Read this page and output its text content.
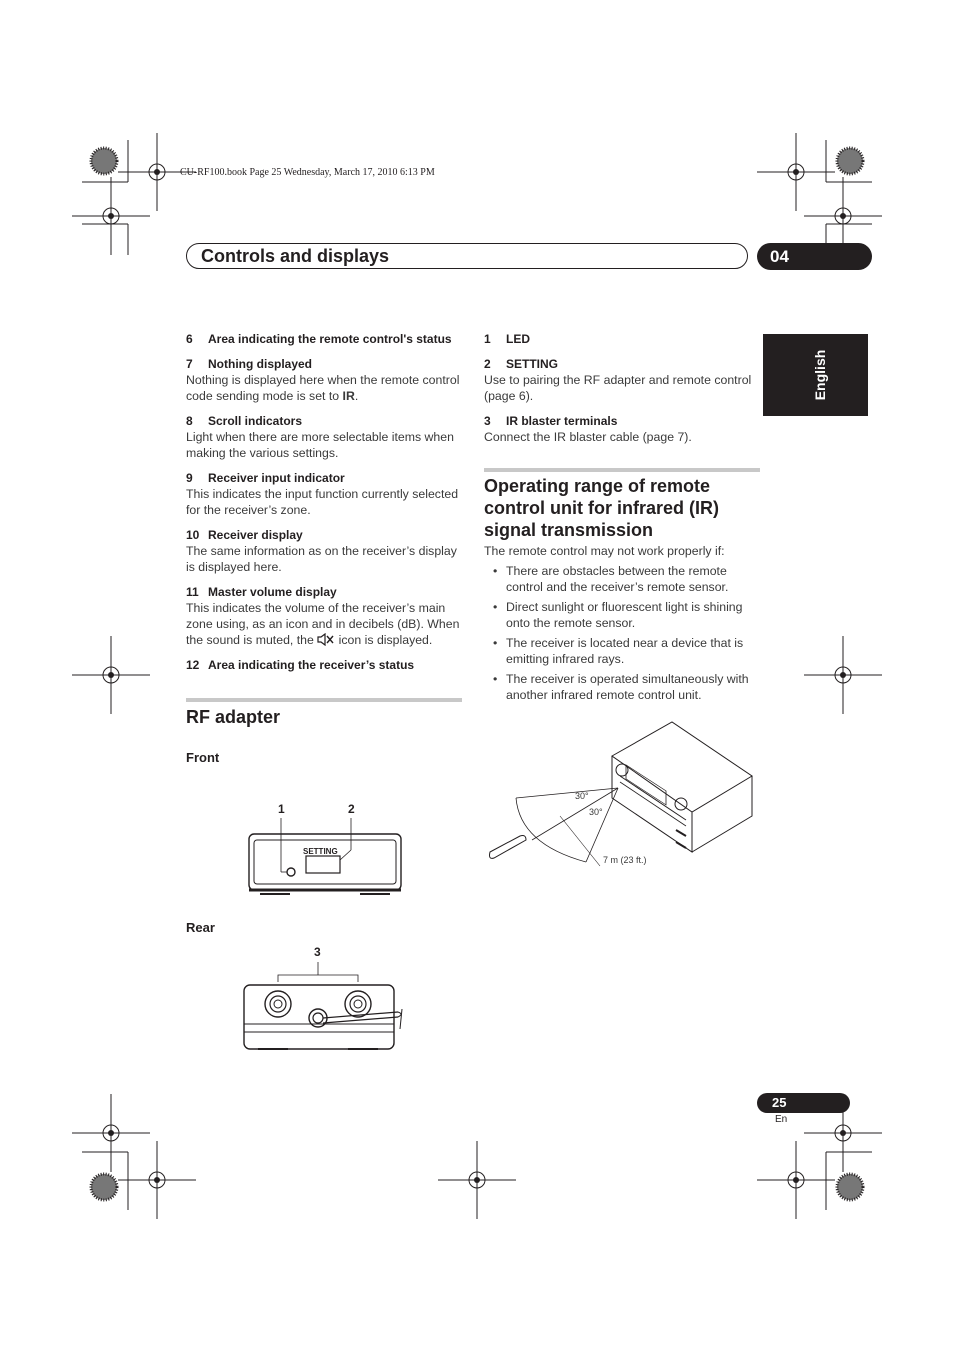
CU-RF100.book Page 25 Wednesday, March 17, 2010 6:13 PM
Controls and displays	04
English
6 Area indicating the remote control's status
7 Nothing displayed
Nothing is displayed here when the remote control code sending mode is set to IR.
8 Scroll indicators
Light when there are more selectable items when making the various settings.
9 Receiver input indicator
This indicates the input function currently selected for the receiver’s zone.
10 Receiver display
The same information as on the receiver’s display is displayed here.
11 Master volume display
This indicates the volume of the receiver’s main zone using, as an icon and in decibels (dB). When the sound is muted, the  icon is displayed.
12 Area indicating the receiver’s status
RF adapter
Front
1	2
SETTING
Rear
3
1 LED
2 SETTING
Use to pairing the RF adapter and remote control (page 6).
3 IR blaster terminals
Connect the IR blaster cable (page 7).
Operating range of remote control unit for infrared (IR) signal transmission
The remote control may not work properly if:
• There are obstacles between the remote control and the receiver’s remote sensor.
• Direct sunlight or fluorescent light is shining onto the remote sensor.
• The receiver is located near a device that is emitting infrared rays.
• The receiver is operated simultaneously with another infrared remote control unit.
30°
30°
7 m (23 ft.)
25
En
